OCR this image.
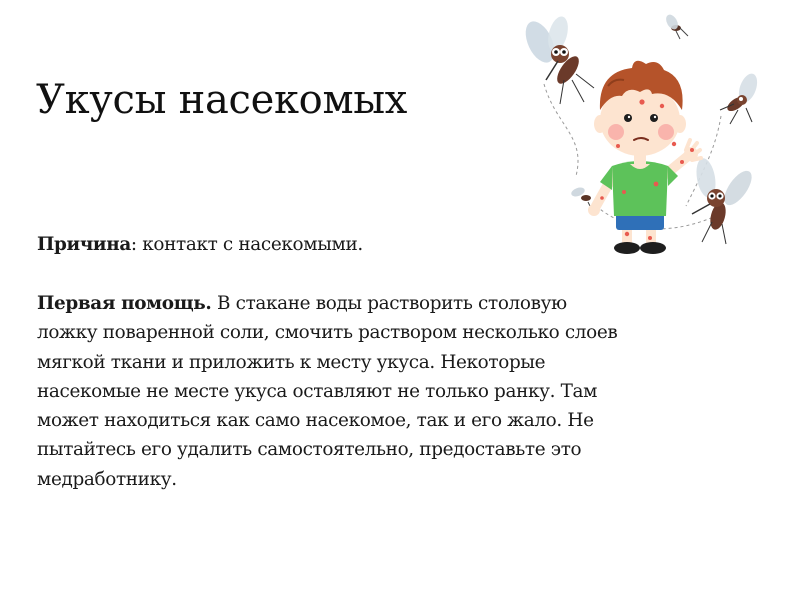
Укусы насекомых

Причина: контакт с насекомыми.

Первая помощь. В стакане воды растворить столовую
ложку поваренной соли, смочить раствором несколько слоев
мягкой ткани и приложить к месту укуса. Некоторые
насекомые не месте укуса оставляют не только ранку. Там
может находиться как само насекомое, так и его жало. Не
пытайтесь его удалить самостоятельно, предоставьте это
медработнику.
